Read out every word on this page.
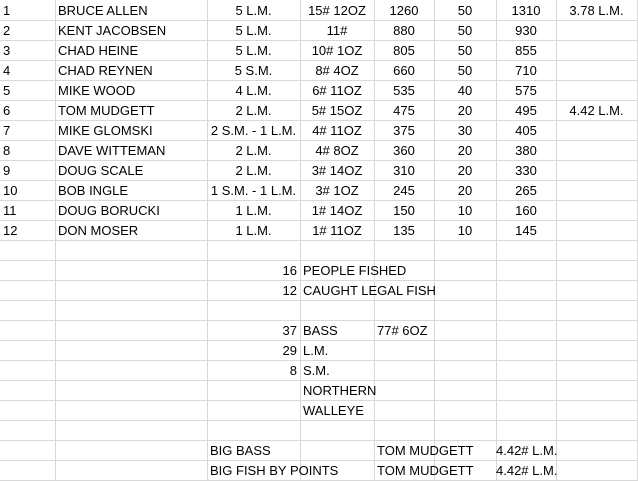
1	BRUCE ALLEN	5 L.M.	15# 12OZ	1260	50	1310	3.78 L.M.
2	KENT JACOBSEN	5 L.M.	11#	880	50	930
3	CHAD HEINE	5 L.M.	10# 1OZ	805	50	855
4	CHAD REYNEN	5 S.M.	8# 4OZ	660	50	710
5	MIKE WOOD	4 L.M.	6# 11OZ	535	40	575
6	TOM MUDGETT	2 L.M.	5# 15OZ	475	20	495	4.42 L.M.
7	MIKE GLOMSKI	2 S.M. - 1 L.M.	4# 11OZ	375	30	405
8	DAVE WITTEMAN	2 L.M.	4# 8OZ	360	20	380
9	DOUG SCALE	2 L.M.	3# 14OZ	310	20	330
10	BOB INGLE	1 S.M. - 1 L.M.	3# 1OZ	245	20	265
11	DOUG BORUCKI	1 L.M.	1# 14OZ	150	10	160
12	DON MOSER	1 L.M.	1# 11OZ	135	10	145
16 PEOPLE FISHED
12 CAUGHT LEGAL FISH
37 BASS	77# 6OZ
29 L.M.
8 S.M.
NORTHERN
WALLEYE
BIG BASS	TOM MUDGETT	4.42# L.M.
BIG FISH BY POINTS	TOM MUDGETT	4.42# L.M.
